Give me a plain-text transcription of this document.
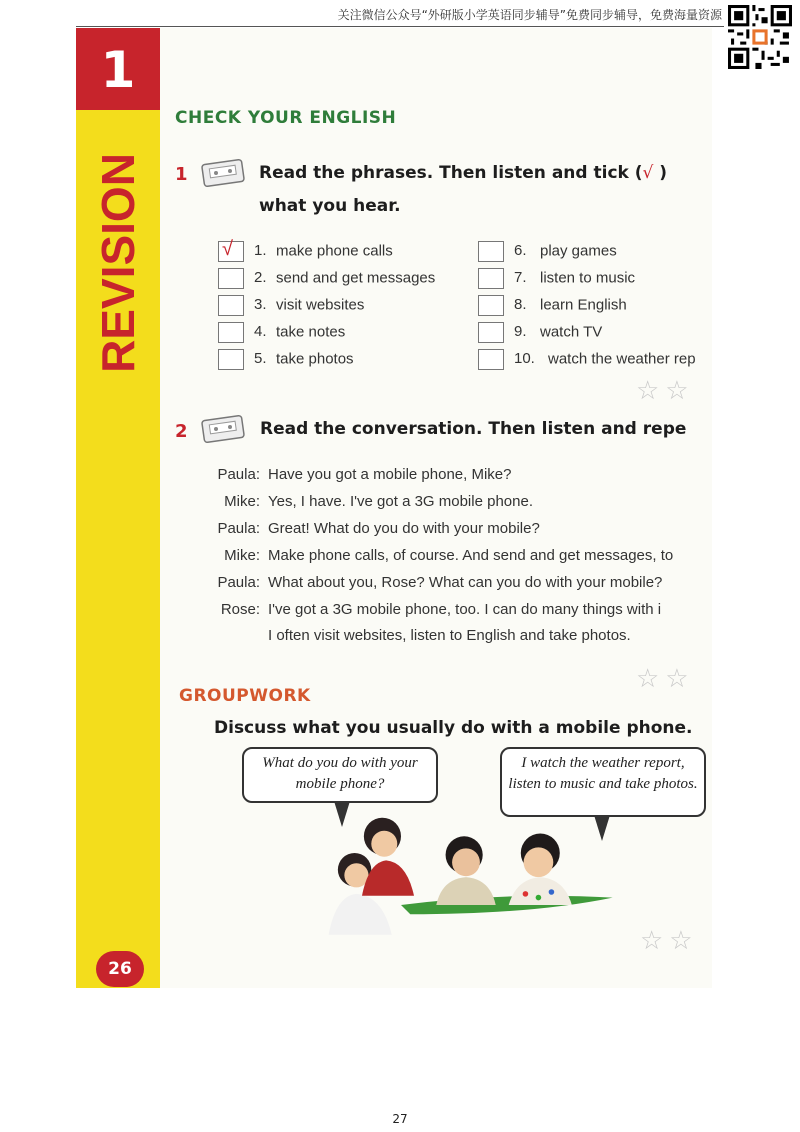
关注微信公众号“外研版小学英语同步辅导”免费同步辅导，免费海量资源
1
REVISION
26
CHECK YOUR ENGLISH
1	Read the phrases. Then listen and tick (√ )
what you hear.
√ 1. make phone calls
2. send and get messages
3. visit websites
4. take notes
5. take photos
6. play games
7. listen to music
8. learn English
9. watch TV
10. watch the weather rep
☆☆
2	Read the conversation. Then listen and repe
Paula: Have you got a mobile phone, Mike?
Mike: Yes, I have. I've got a 3G mobile phone.
Paula: Great! What do you do with your mobile?
Mike: Make phone calls, of course. And send and get messages, to
Paula: What about you, Rose? What can you do with your mobile?
Rose: I've got a 3G mobile phone, too. I can do many things with i
I often visit websites, listen to English and take photos.
☆☆
GROUPWORK
Discuss what you usually do with a mobile phone.
What do you do with your mobile phone?
I watch the weather report, listen to music and take photos.
☆☆
27
